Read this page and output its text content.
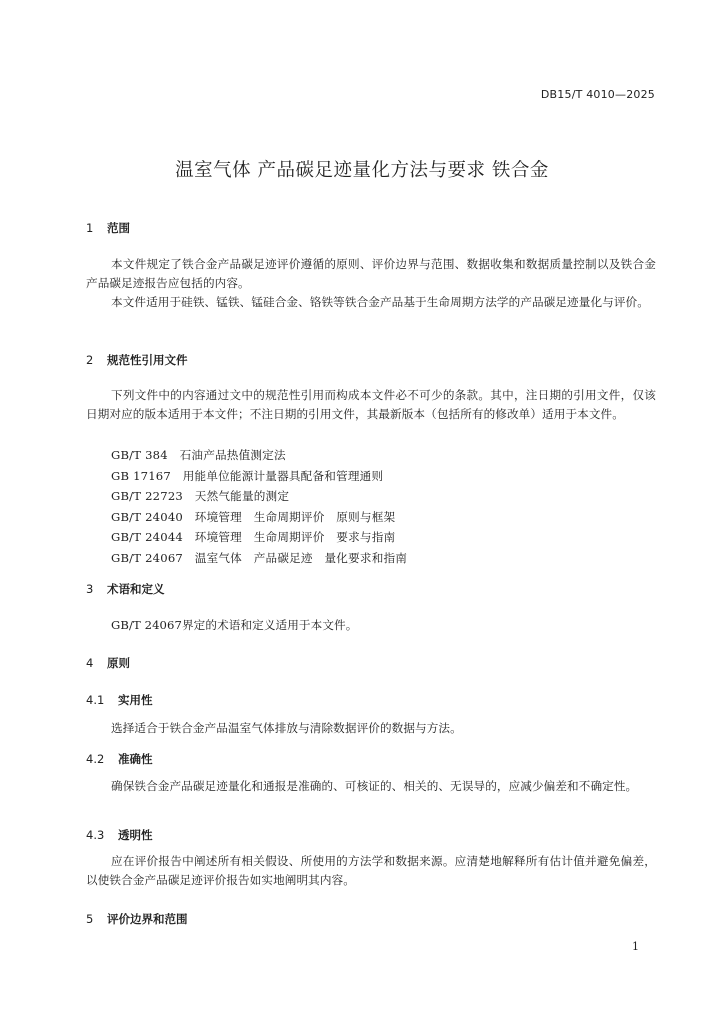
DB15/T 4010—2025
温室气体 产品碳足迹量化方法与要求 铁合金
1 范围
本文件规定了铁合金产品碳足迹评价遵循的原则、评价边界与范围、数据收集和数据质量控制以及铁合金产品碳足迹报告应包括的内容。
本文件适用于硅铁、锰铁、锰硅合金、铬铁等铁合金产品基于生命周期方法学的产品碳足迹量化与评价。
2 规范性引用文件
下列文件中的内容通过文中的规范性引用而构成本文件必不可少的条款。其中，注日期的引用文件，仅该日期对应的版本适用于本文件；不注日期的引用文件，其最新版本（包括所有的修改单）适用于本文件。
GB/T 384　石油产品热值测定法
GB 17167　用能单位能源计量器具配备和管理通则
GB/T 22723　天然气能量的测定
GB/T 24040　环境管理　生命周期评价　原则与框架
GB/T 24044　环境管理　生命周期评价　要求与指南
GB/T 24067　温室气体　产品碳足迹　量化要求和指南
3 术语和定义
GB/T 24067界定的术语和定义适用于本文件。
4 原则
4.1 实用性
选择适合于铁合金产品温室气体排放与清除数据评价的数据与方法。
4.2 准确性
确保铁合金产品碳足迹量化和通报是准确的、可核证的、相关的、无误导的，应减少偏差和不确定性。
4.3 透明性
应在评价报告中阐述所有相关假设、所使用的方法学和数据来源。应清楚地解释所有估计值并避免偏差，以使铁合金产品碳足迹评价报告如实地阐明其内容。
5 评价边界和范围
1
